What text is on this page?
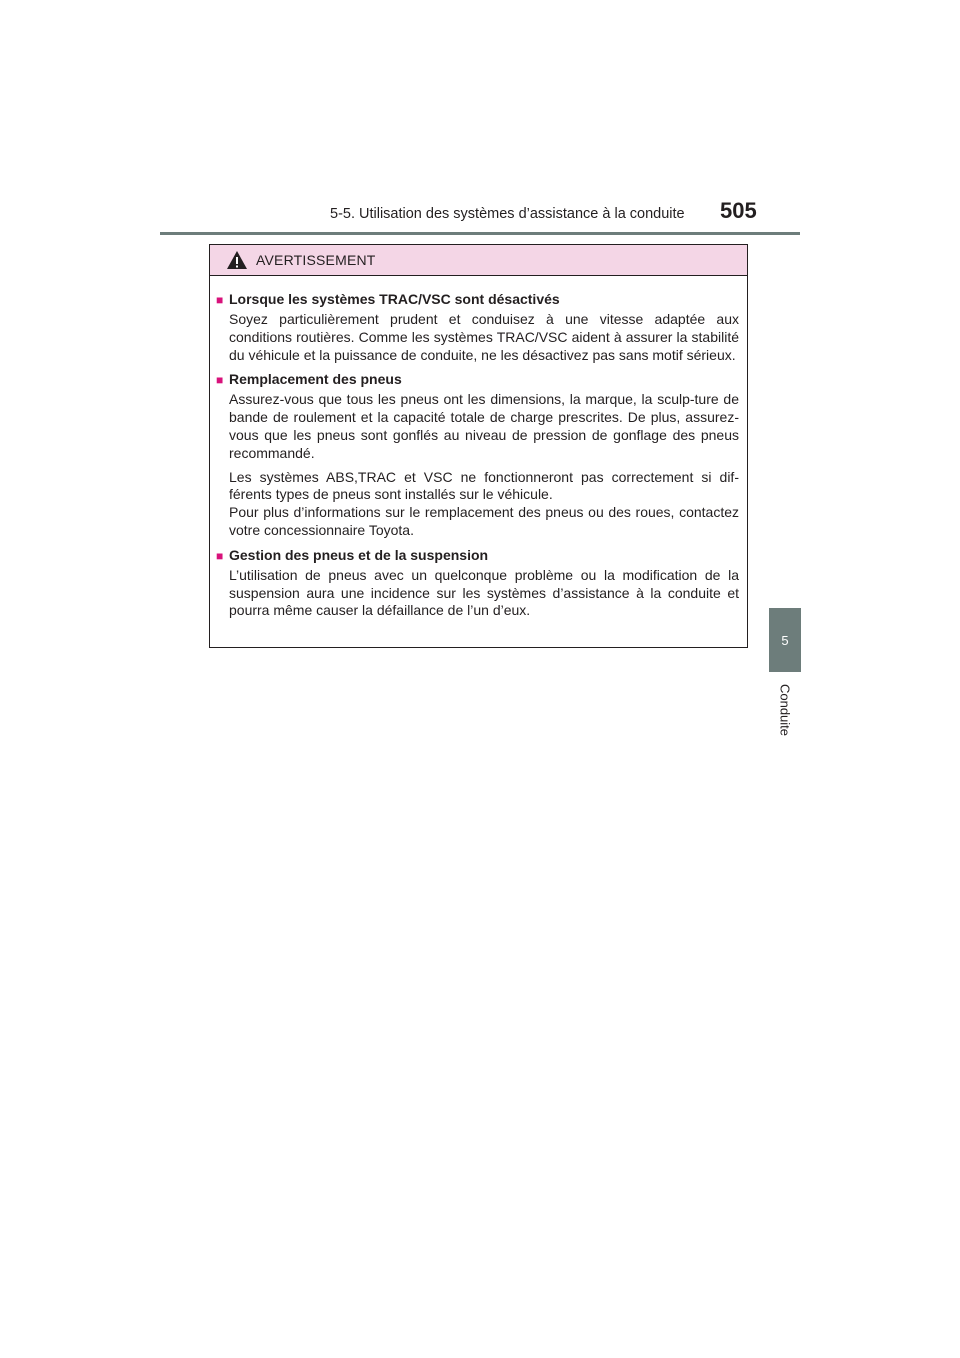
5-5. Utilisation des systèmes d’assistance à la conduite 505
5
Conduite
AVERTISSEMENT
■ Lorsque les systèmes TRAC/VSC sont désactivés

Soyez particulièrement prudent et conduisez à une vitesse adaptée aux conditions routières. Comme les systèmes TRAC/VSC aident à assurer la stabilité du véhicule et la puissance de conduite, ne les désactivez pas sans motif sérieux.

■ Remplacement des pneus

Assurez-vous que tous les pneus ont les dimensions, la marque, la sculp-ture de bande de roulement et la capacité totale de charge prescrites. De plus, assurez-vous que les pneus sont gonflés au niveau de pression de gonflage des pneus recommandé.

Les systèmes ABS,TRAC et VSC ne fonctionneront pas correctement si dif-férents types de pneus sont installés sur le véhicule.
Pour plus d’informations sur le remplacement des pneus ou des roues, contactez votre concessionnaire Toyota.

■ Gestion des pneus et de la suspension

L’utilisation de pneus avec un quelconque problème ou la modification de la suspension aura une incidence sur les systèmes d’assistance à la conduite et pourra même causer la défaillance de l’un d’eux.
